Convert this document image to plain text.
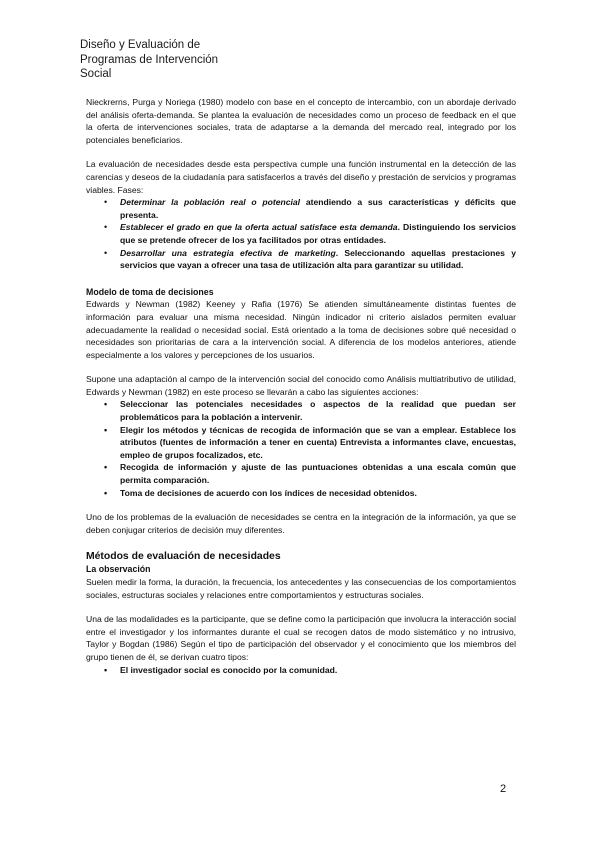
Diseño y Evaluación de
Programas de Intervención
Social

Nieckrerns, Purga y Noriega (1980) modelo con base en el concepto de intercambio, con un abordaje derivado del análisis oferta-demanda. Se plantea la evaluación de necesidades como un proceso de feedback en el que la oferta de intervenciones sociales, trata de adaptarse a la demanda del mercado real, integrado por los potenciales beneficiarios.

La evaluación de necesidades desde esta perspectiva cumple una función instrumental en la detección de las carencias y deseos de la ciudadanía para satisfacerlos a través del diseño y prestación de servicios y programas viables. Fases:

• Determinar la población real o potencial atendiendo a sus características y déficits que presenta.
• Establecer el grado en que la oferta actual satisface esta demanda. Distinguiendo los servicios que se pretende ofrecer de los ya facilitados por otras entidades.
• Desarrollar una estrategia efectiva de marketing. Seleccionando aquellas prestaciones y servicios que vayan a ofrecer una tasa de utilización alta para garantizar su utilidad.
Modelo de toma de decisiones

Edwards y Newman (1982) Keeney y Rafia (1976) Se atienden simultáneamente distintas fuentes de información para evaluar una misma necesidad. Ningún indicador ni criterio aislados permiten evaluar adecuadamente la realidad o necesidad social. Está orientado a la toma de decisiones sobre qué necesidad o necesidades son prioritarias de cara a la intervención social. A diferencia de los modelos anteriores, atiende especialmente a los valores y percepciones de los usuarios.

Supone una adaptación al campo de la intervención social del conocido como Análisis multiatributivo de utilidad, Edwards y Newman (1982) en este proceso se llevarán a cabo las siguientes acciones:

• Seleccionar las potenciales necesidades o aspectos de la realidad que puedan ser problemáticos para la población a intervenir.
• Elegir los métodos y técnicas de recogida de información que se van a emplear. Establece los atributos (fuentes de información a tener en cuenta) Entrevista a informantes clave, encuestas, empleo de grupos focalizados, etc.
• Recogida de información y ajuste de las puntuaciones obtenidas a una escala común que permita comparación.
• Toma de decisiones de acuerdo con los índices de necesidad obtenidos.

Uno de los problemas de la evaluación de necesidades se centra en la integración de la información, ya que se deben conjugar criterios de decisión muy diferentes.

Métodos de evaluación de necesidades
La observación

Suelen medir la forma, la duración, la frecuencia, los antecedentes y las consecuencias de los comportamientos sociales, estructuras sociales y relaciones entre comportamientos y estructuras sociales.

Una de las modalidades es la participante, que se define como la participación que involucra la interacción social entre el investigador y los informantes durante el cual se recogen datos de modo sistemático y no intrusivo, Taylor y Bogdan (1986) Según el tipo de participación del observador y el conocimiento que los miembros del grupo tienen de él, se derivan cuatro tipos:

• El investigador social es conocido por la comunidad.
2
